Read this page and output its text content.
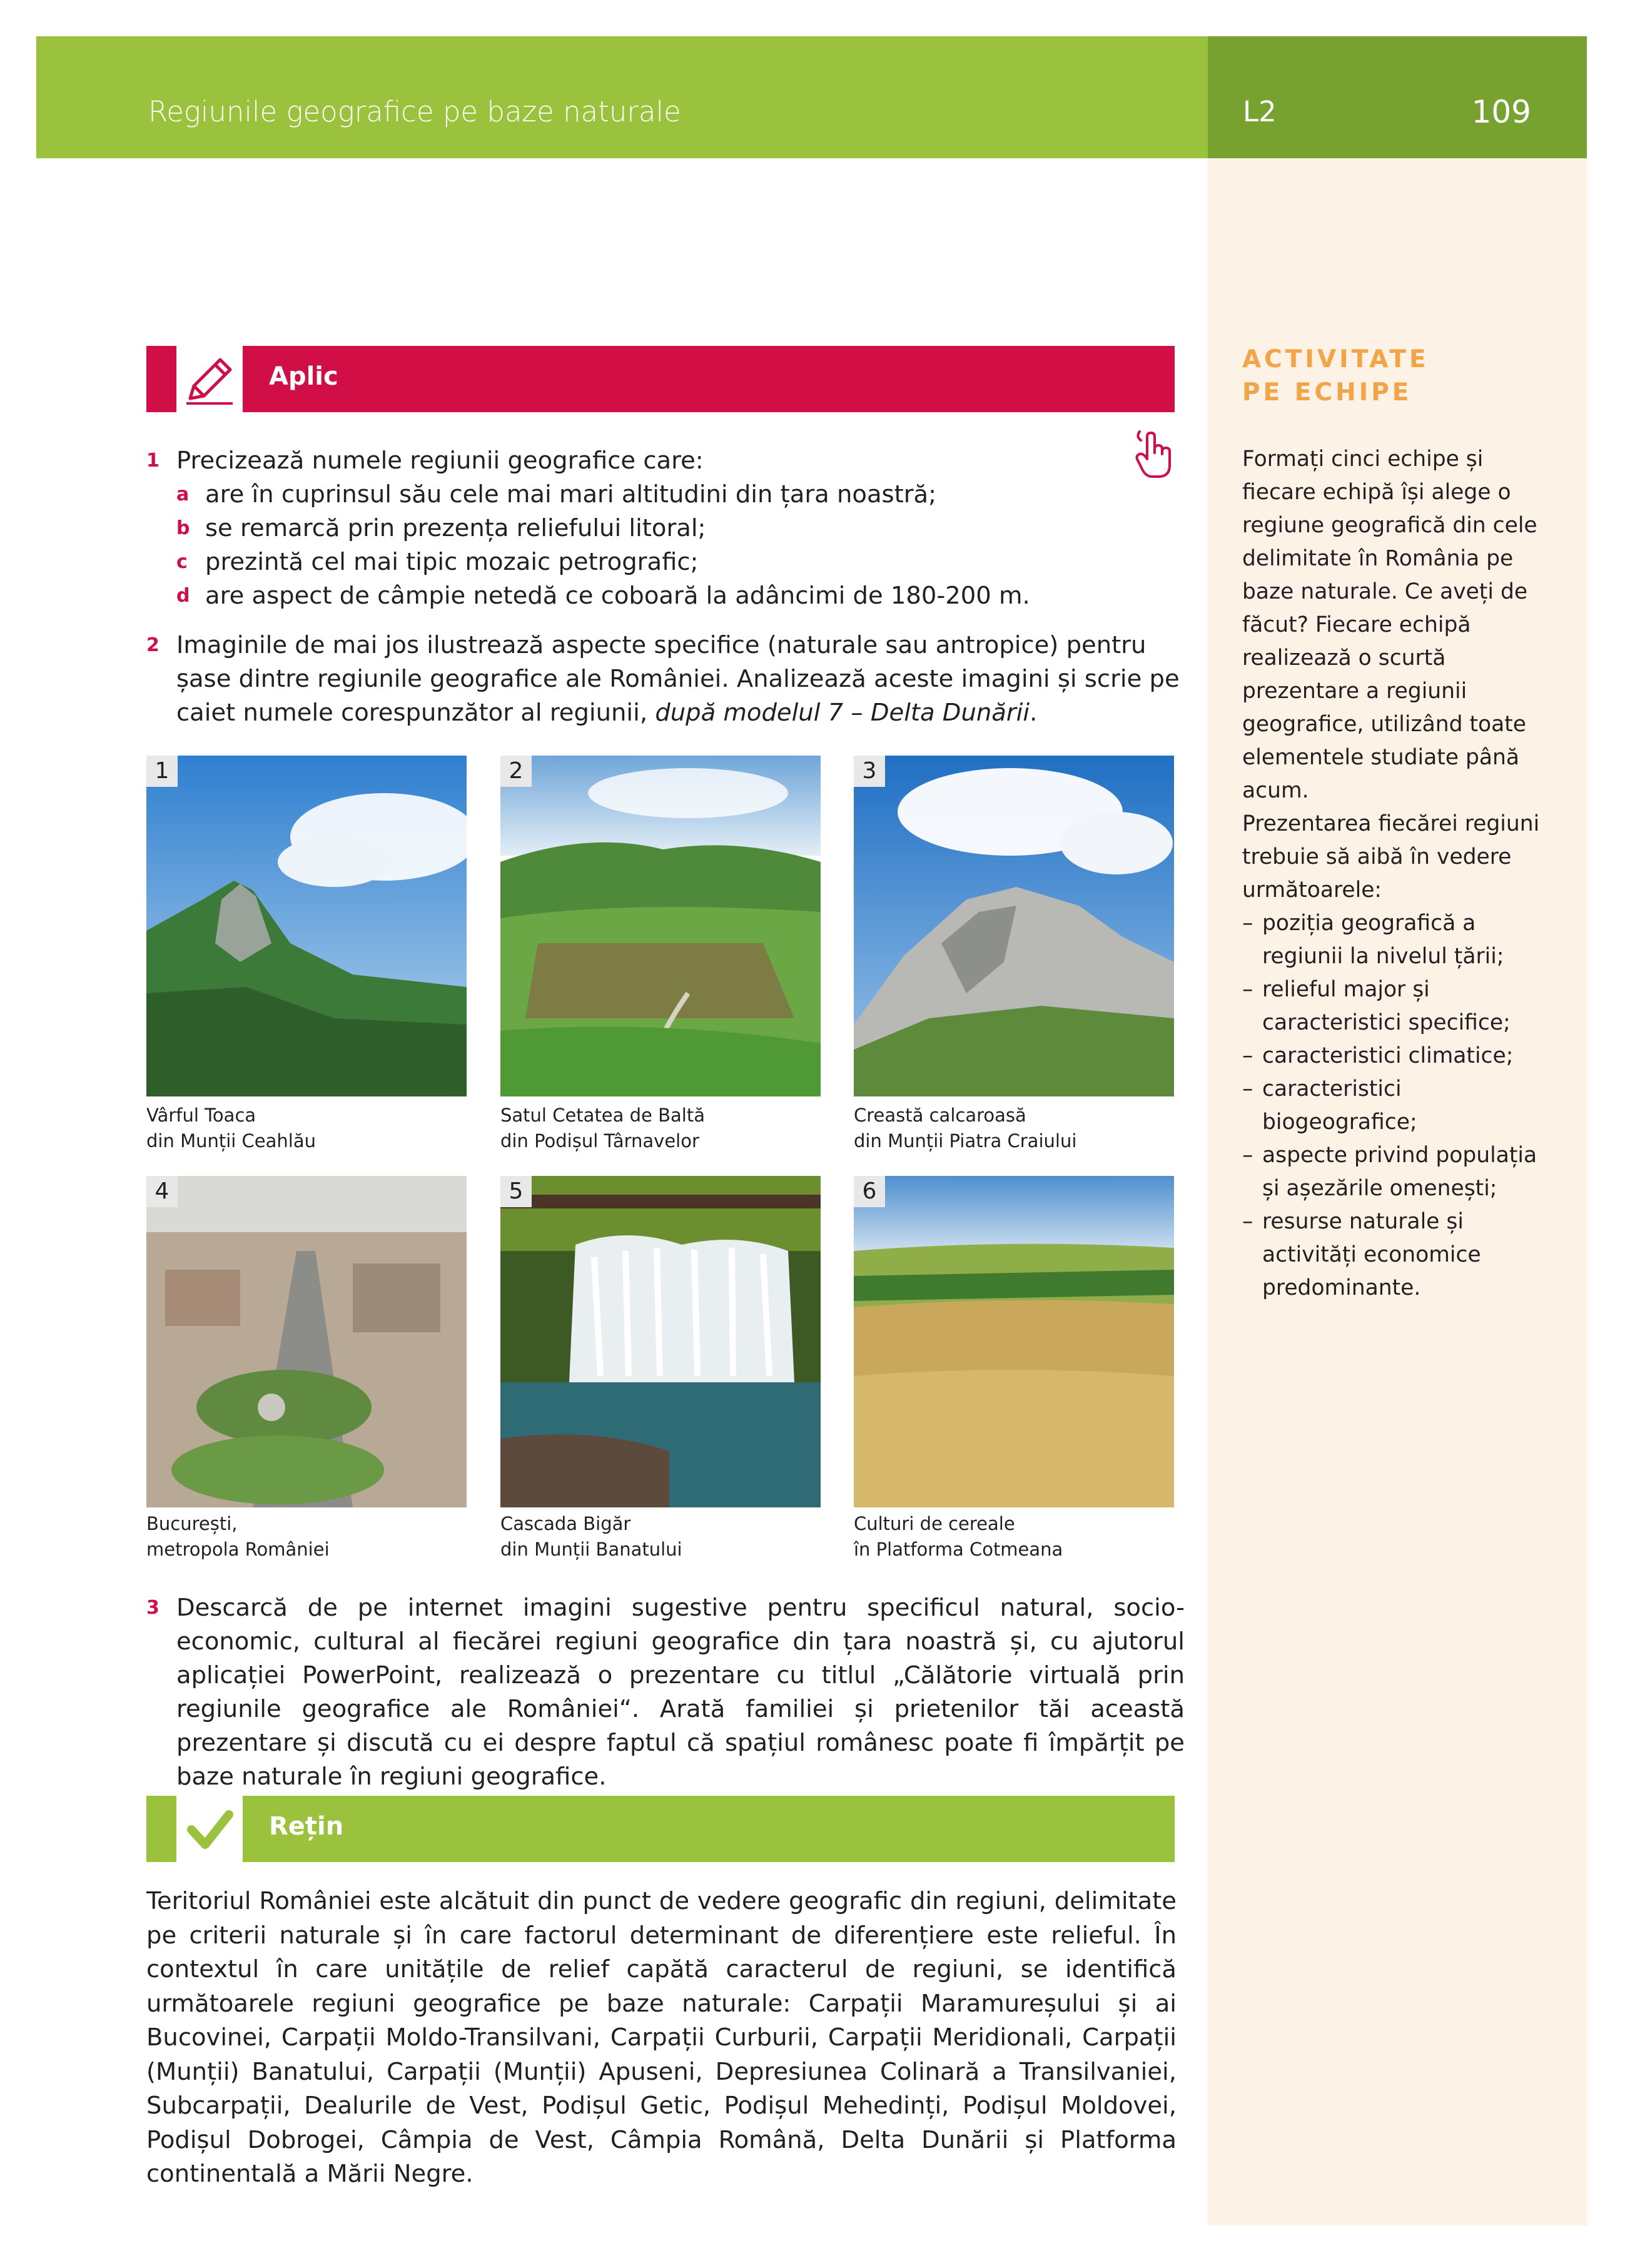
Regiunile geografice pe baze naturale	L2	109
ACTIVITATE
PE ECHIPE

Formați cinci echipe și fiecare echipă își alege o regiune geografică din cele delimitate în România pe baze naturale. Ce aveți de făcut? Fiecare echipă realizează o scurtă prezentare a regiunii geografice, utilizând toate elementele studiate până acum.

Prezentarea fiecărei regiuni trebuie să aibă în vedere următoarele:

– poziția geografică a regiunii la nivelul țării;
– relieful major și caracteristici specifice;
– caracteristici climatice;
– caracteristici biogeografice;
– aspecte privind populația și așezările omenești;
– resurse naturale și activități economice predominante.
Aplic
1 Precizează numele regiunii geografice care:
a are în cuprinsul său cele mai mari altitudini din țara noastră;
b se remarcă prin prezența reliefului litoral;
c prezintă cel mai tipic mozaic petrografic;
d are aspect de câmpie netedă ce coboară la adâncimi de 180-200 m.
2 Imaginile de mai jos ilustrează aspecte specifice (naturale sau antropice) pentru șase dintre regiunile geografice ale României. Analizează aceste imagini și scrie pe caiet numele corespunzător al regiunii, după modelul 7 – Delta Dunării.
1
Vârful Toaca
din Munții Ceahlău
2
Satul Cetatea de Baltă
din Podișul Târnavelor
3
Creastă calcaroasă
din Munții Piatra Craiului
4
București,
metropola României
5
Cascada Bigăr
din Munții Banatului
6
Culturi de cereale
în Platforma Cotmeana
3 Descarcă de pe internet imagini sugestive pentru specificul natural, socio-economic, cultural al fiecărei regiuni geografice din țara noastră și, cu ajutorul aplicației PowerPoint, realizează o prezentare cu titlul „Călătorie virtuală prin regiunile geografice ale României“. Arată familiei și prietenilor tăi această prezentare și discută cu ei despre faptul că spațiul românesc poate fi împărțit pe baze naturale în regiuni geografice.
Rețin

Teritoriul României este alcătuit din punct de vedere geografic din regiuni, delimitate pe criterii naturale și în care factorul determinant de diferențiere este relieful. În contextul în care unitățile de relief capătă caracterul de regiuni, se identifică următoarele regiuni geografice pe baze naturale: Carpații Maramureșului și ai Bucovinei, Carpații Moldo-Transilvani, Carpații Curburii, Carpații Meridionali, Carpații (Munții) Banatului, Carpații (Munții) Apuseni, Depresiunea Colinară a Transilvaniei, Subcarpații, Dealurile de Vest, Podișul Getic, Podișul Mehedinți, Podișul Moldovei, Podișul Dobrogei, Câmpia de Vest, Câmpia Română, Delta Dunării și Platforma continentală a Mării Negre.
